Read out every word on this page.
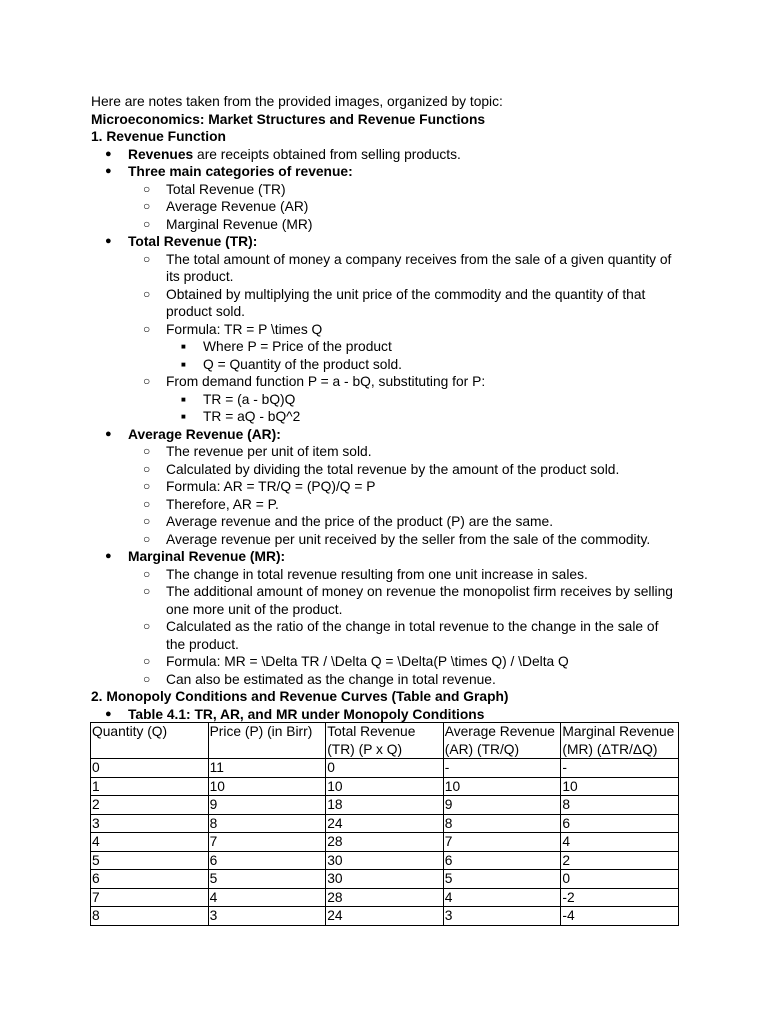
Here are notes taken from the provided images, organized by topic:
Microeconomics: Market Structures and Revenue Functions
1. Revenue Function
● Revenues are receipts obtained from selling products.
● Three main categories of revenue:
○ Total Revenue (TR)
○ Average Revenue (AR)
○ Marginal Revenue (MR)
● Total Revenue (TR):
○ The total amount of money a company receives from the sale of a given quantity of its product.
○ Obtained by multiplying the unit price of the commodity and the quantity of that product sold.
○ Formula: TR = P \times Q
■ Where P = Price of the product
■ Q = Quantity of the product sold.
○ From demand function P = a - bQ, substituting for P:
■ TR = (a - bQ)Q
■ TR = aQ - bQ^2
● Average Revenue (AR):
○ The revenue per unit of item sold.
○ Calculated by dividing the total revenue by the amount of the product sold.
○ Formula: AR = TR/Q = (PQ)/Q = P
○ Therefore, AR = P.
○ Average revenue and the price of the product (P) are the same.
○ Average revenue per unit received by the seller from the sale of the commodity.
● Marginal Revenue (MR):
○ The change in total revenue resulting from one unit increase in sales.
○ The additional amount of money on revenue the monopolist firm receives by selling one more unit of the product.
○ Calculated as the ratio of the change in total revenue to the change in the sale of the product.
○ Formula: MR = \Delta TR / \Delta Q = \Delta(P \times Q) / \Delta Q
○ Can also be estimated as the change in total revenue.
2. Monopoly Conditions and Revenue Curves (Table and Graph)
● Table 4.1: TR, AR, and MR under Monopoly Conditions
Quantity (Q)	Price (P) (in Birr)	Total Revenue (TR) (P x Q)	Average Revenue (AR) (TR/Q)	Marginal Revenue (MR) (ΔTR/ΔQ)
0	11	0	-	-
1	10	10	10	10
2	9	18	9	8
3	8	24	8	6
4	7	28	7	4
5	6	30	6	2
6	5	30	5	0
7	4	28	4	-2
8	3	24	3	-4
